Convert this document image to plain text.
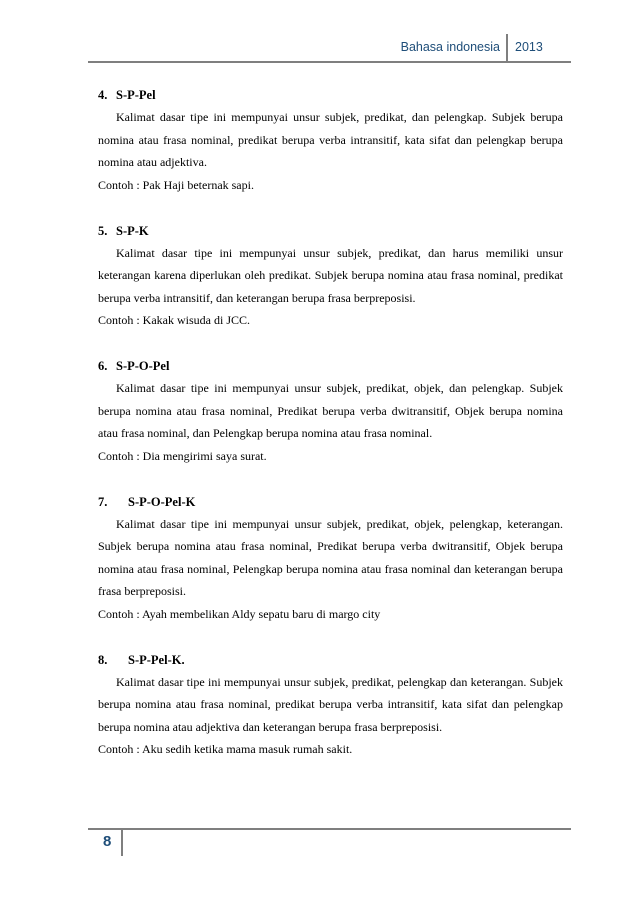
Bahasa indonesia 2013
4. S-P-Pel

Kalimat dasar tipe ini mempunyai unsur subjek, predikat, dan pelengkap. Subjek berupa nomina atau frasa nominal, predikat berupa verba intransitif, kata sifat dan pelengkap berupa nomina atau adjektiva.

Contoh : Pak Haji beternak sapi.
5. S-P-K

Kalimat dasar tipe ini mempunyai unsur subjek, predikat, dan harus memiliki unsur keterangan karena diperlukan oleh predikat. Subjek berupa nomina atau frasa nominal, predikat berupa verba intransitif, dan keterangan berupa frasa berpreposisi.

Contoh : Kakak wisuda di JCC.
6. S-P-O-Pel

Kalimat dasar tipe ini mempunyai unsur subjek, predikat, objek, dan pelengkap. Subjek berupa nomina atau frasa nominal, Predikat berupa verba dwitransitif, Objek berupa nomina atau frasa nominal, dan Pelengkap berupa nomina atau frasa nominal.

Contoh : Dia mengirimi saya surat.
7.	S-P-O-Pel-K

Kalimat dasar tipe ini mempunyai unsur subjek, predikat, objek, pelengkap, keterangan. Subjek berupa nomina atau frasa nominal, Predikat berupa verba dwitransitif, Objek berupa nomina atau frasa nominal, Pelengkap berupa nomina atau frasa nominal dan keterangan berupa frasa berpreposisi.

Contoh : Ayah membelikan Aldy sepatu baru di margo city
8.	S-P-Pel-K.

Kalimat dasar tipe ini mempunyai unsur subjek, predikat, pelengkap dan keterangan. Subjek berupa nomina atau frasa nominal, predikat berupa verba intransitif, kata sifat dan pelengkap berupa nomina atau adjektiva dan keterangan berupa frasa berpreposisi.

Contoh : Aku sedih ketika mama masuk rumah sakit.
8
